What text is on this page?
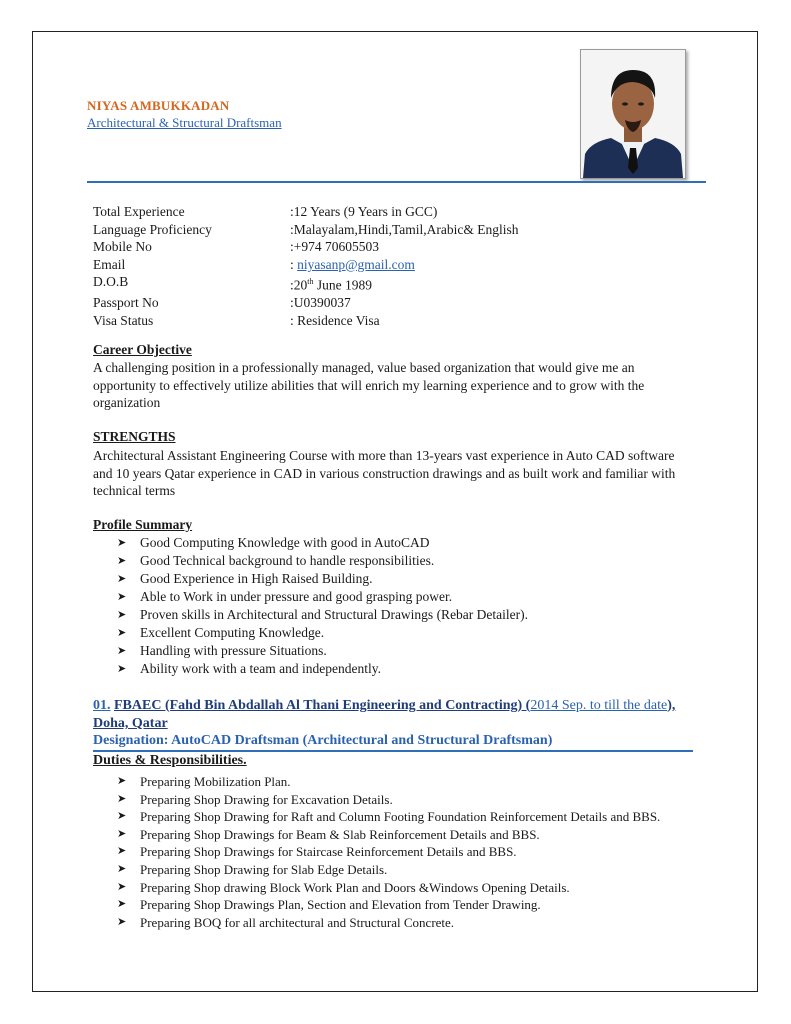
NIYAS AMBUKKADAN
Architectural & Structural Draftsman
Total Experience	:12 Years (9 Years in GCC)
Language Proficiency	:Malayalam,Hindi,Tamil,Arabic& English
Mobile No	:+974 70605503
Email	: niyasanp@gmail.com
D.O.B	:20th June 1989
Passport No	:U0390037
Visa Status	: Residence Visa
Career Objective
A challenging position in a professionally managed, value based organization that would give me an opportunity to effectively utilize abilities that will enrich my learning experience and to grow with the organization
STRENGTHS
Architectural Assistant Engineering Course with more than 13-years vast experience in Auto CAD software and 10 years Qatar experience in CAD in various construction drawings and as built work and familiar with technical terms
Profile Summary
➤	Good Computing Knowledge with good in AutoCAD
➤	Good Technical background to handle responsibilities.
➤	Good Experience in High Raised Building.
➤	Able to Work in under pressure and good grasping power.
➤	Proven skills in Architectural and Structural Drawings (Rebar Detailer).
➤	Excellent Computing Knowledge.
➤	Handling with pressure Situations.
➤	Ability work with a team and independently.
01. FBAEC (Fahd Bin Abdallah Al Thani Engineering and Contracting) (2014 Sep. to till the date), Doha, Qatar
Designation: AutoCAD Draftsman (Architectural and Structural Draftsman)
Duties & Responsibilities.
➤	Preparing Mobilization Plan.
➤	Preparing Shop Drawing for Excavation Details.
➤	Preparing Shop Drawing for Raft and Column Footing Foundation Reinforcement Details and BBS.
➤	Preparing Shop Drawings for Beam & Slab Reinforcement Details and BBS.
➤	Preparing Shop Drawings for Staircase Reinforcement Details and BBS.
➤	Preparing Shop Drawing for Slab Edge Details.
➤	Preparing Shop drawing Block Work Plan and Doors &Windows Opening Details.
➤	Preparing Shop Drawings Plan, Section and Elevation from Tender Drawing.
➤	Preparing BOQ for all architectural and Structural Concrete.
